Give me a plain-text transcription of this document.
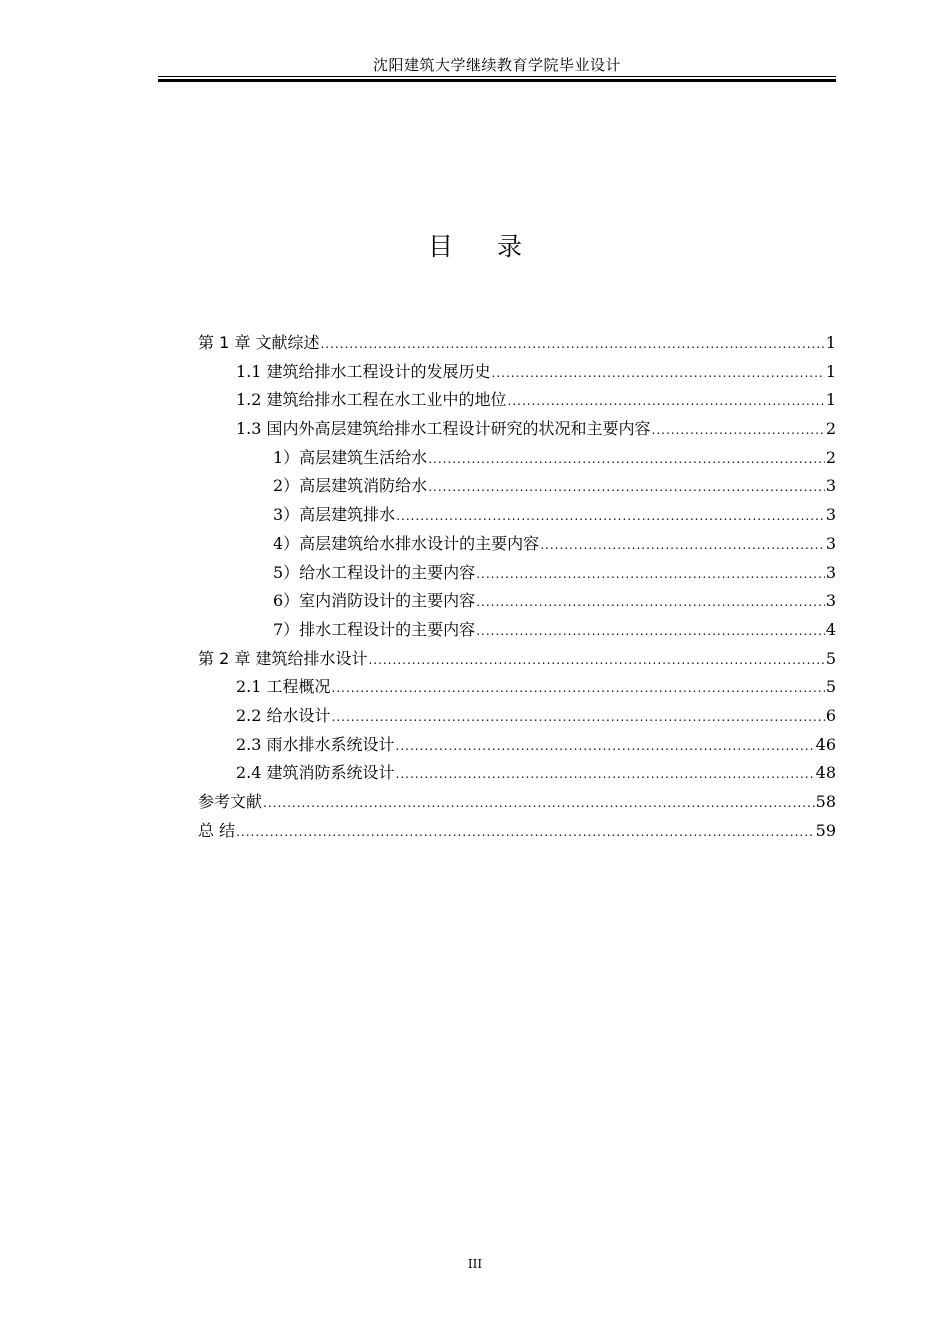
沈阳建筑大学继续教育学院毕业设计
目 录
第 1 章 文献综述 .....	1
1.1 建筑给排水工程设计的发展历史 .....	1
1.2 建筑给排水工程在水工业中的地位 .....	1
1.3 国内外高层建筑给排水工程设计研究的状况和主要内容 .....	2
1）高层建筑生活给水 .....	2
2）高层建筑消防给水 .....	3
3）高层建筑排水 .....	3
4）高层建筑给水排水设计的主要内容 .....	3
5）给水工程设计的主要内容 .....	3
6）室内消防设计的主要内容 .....	3
7）排水工程设计的主要内容 .....	4
第 2 章 建筑给排水设计 .....	5
2.1 工程概况 .....	5
2.2 给水设计 .....	6
2.3 雨水排水系统设计 .....	46
2.4 建筑消防系统设计 .....	48
参考文献 .....	58
总 结 .....	59
III
